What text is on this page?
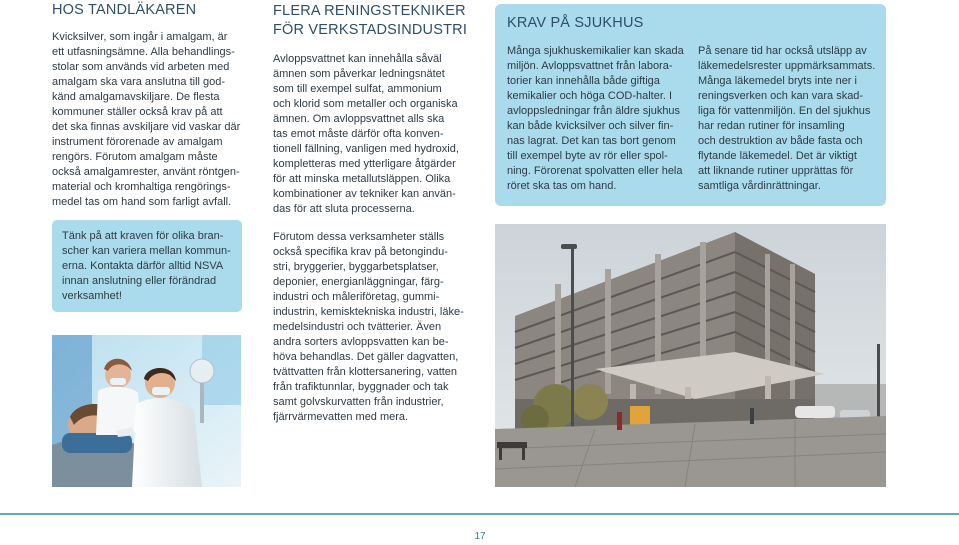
HOS TANDLÄKAREN

Kvicksilver, som ingår i amalgam, är
ett utfasningsämne. Alla behandlings-
stolar som används vid arbeten med
amalgam ska vara anslutna till god-
känd amalgamavskiljare. De flesta
kommuner ställer också krav på att
det ska finnas avskiljare vid vaskar där
instrument förorenade av amalgam
rengörs. Förutom amalgam måste
också amalgamrester, använt röntgen-
material och kromhaltiga rengörings-
medel tas om hand som farligt avfall.

Tänk på att kraven för olika bran-
scher kan variera mellan kommun-
erna. Kontakta därför alltid NSVA
innan anslutning eller förändrad
verksamhet!

FLERA RENINGSTEKNIKER
FÖR VERKSTADSINDUSTRI

Avloppsvattnet kan innehålla såväl
ämnen som påverkar ledningsnätet
som till exempel sulfat, ammonium
och klorid som metaller och organiska
ämnen. Om avloppsvattnet alls ska
tas emot måste därför ofta konven-
tionell fällning, vanligen med hydroxid,
kompletteras med ytterligare åtgärder
för att minska metallutsläppen. Olika
kombinationer av tekniker kan använ-
das för att sluta processerna.

Förutom dessa verksamheter ställs
också specifika krav på betongindu-
stri, bryggerier, byggarbetsplatser,
deponier, energianläggningar, färg-
industri och måleriföretag, gummi-
industrin, kemisktekniska industri, läke-
medelsindustri och tvätterier. Även
andra sorters avloppsvatten kan be-
höva behandlas. Det gäller dagvatten,
tvättvatten från klottersanering, vatten
från trafiktunnlar, byggnader och tak
samt golvskurvatten från industrier,
fjärrvärmevatten med mera.

KRAV PÅ SJUKHUS

Många sjukhuskemikalier kan skada
miljön. Avloppsvattnet från labora-
torier kan innehålla både giftiga
kemikalier och höga COD-halter. I
avloppsledningar från äldre sjukhus
kan både kvicksilver och silver fin-
nas lagrat. Det kan tas bort genom
till exempel byte av rör eller spol-
ning. Förorenat spolvatten eller hela
röret ska tas om hand.

På senare tid har också utsläpp av
läkemedelsrester uppmärksammats.
Många läkemedel bryts inte ner i
reningsverken och kan vara skad-
liga för vattenmiljön. En del sjukhus
har redan rutiner för insamling
och destruktion av både fasta och
flytande läkemedel. Det är viktigt
att liknande rutiner upprättas för
samtliga vårdinrättningar.

17
